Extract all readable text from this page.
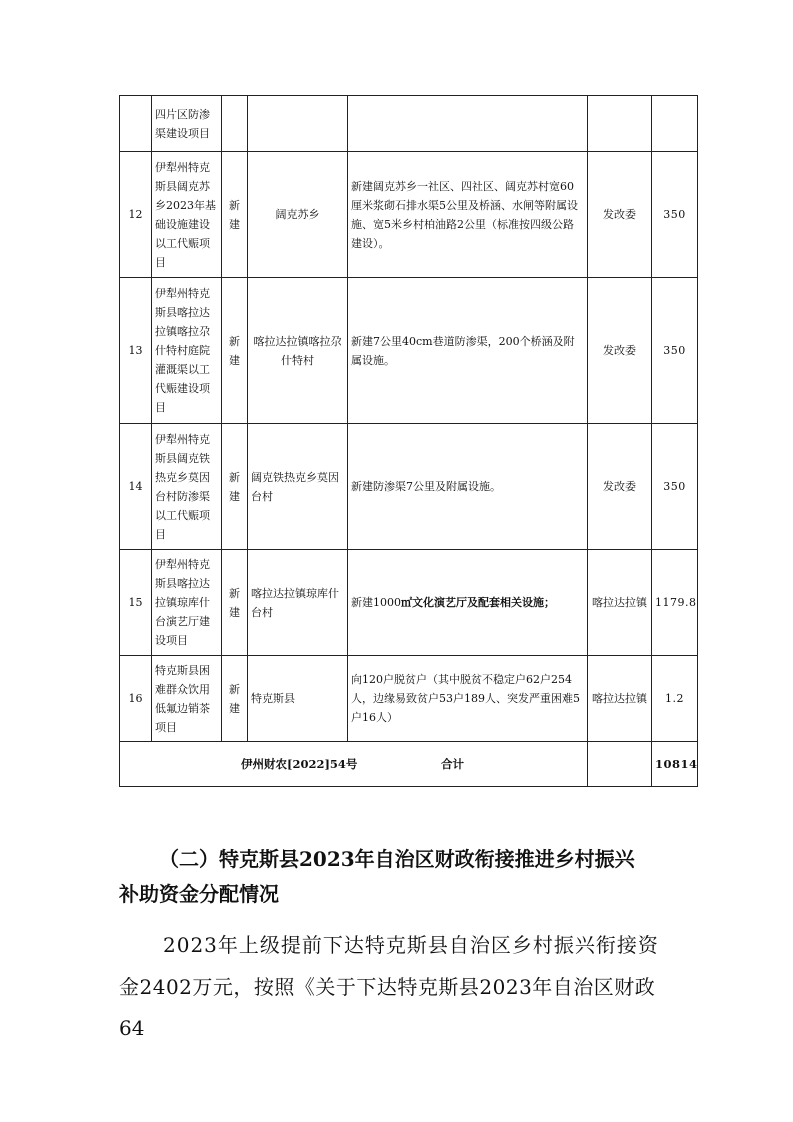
	四片区防渗渠建设项目					
12	伊犁州特克斯县阔克苏乡2023年基础设施建设以工代赈项目	新建	阔克苏乡	新建阔克苏乡一社区、四社区、阔克苏村宽60厘米浆砌石排水渠5公里及桥涵、水闸等附属设施、宽5米乡村柏油路2公里（标准按四级公路建设）。	发改委	350
13	伊犁州特克斯县喀拉达拉镇喀拉尕什特村庭院灌溉渠以工代赈建设项目	新建	喀拉达拉镇喀拉尕什特村	新建7公里40cm巷道防渗渠，200个桥涵及附属设施。	发改委	350
14	伊犁州特克斯县阔克铁热克乡莫因台村防渗渠以工代赈项目	新建	阔克铁热克乡莫因台村	新建防渗渠7公里及附属设施。	发改委	350
15	伊犁州特克斯县喀拉达拉镇琼库什台演艺厅建设项目	新建	喀拉达拉镇琼库什台村	新建1000㎡文化演艺厅及配套相关设施；	喀拉达拉镇	1179.8
16	特克斯县困难群众饮用低氟边销茶项目	新建	特克斯县	向120户脱贫户（其中脱贫不稳定户62户254人，边缘易致贫户53户189人、突发严重困难5户16人）	喀拉达拉镇	1.2

伊州财农[2022]54号 合计						10814
（二）特克斯县2023年自治区财政衔接推进乡村振兴
补助资金分配情况
2023年上级提前下达特克斯县自治区乡村振兴衔接资
金2402万元，按照《关于下达特克斯县2023年自治区财政
64
